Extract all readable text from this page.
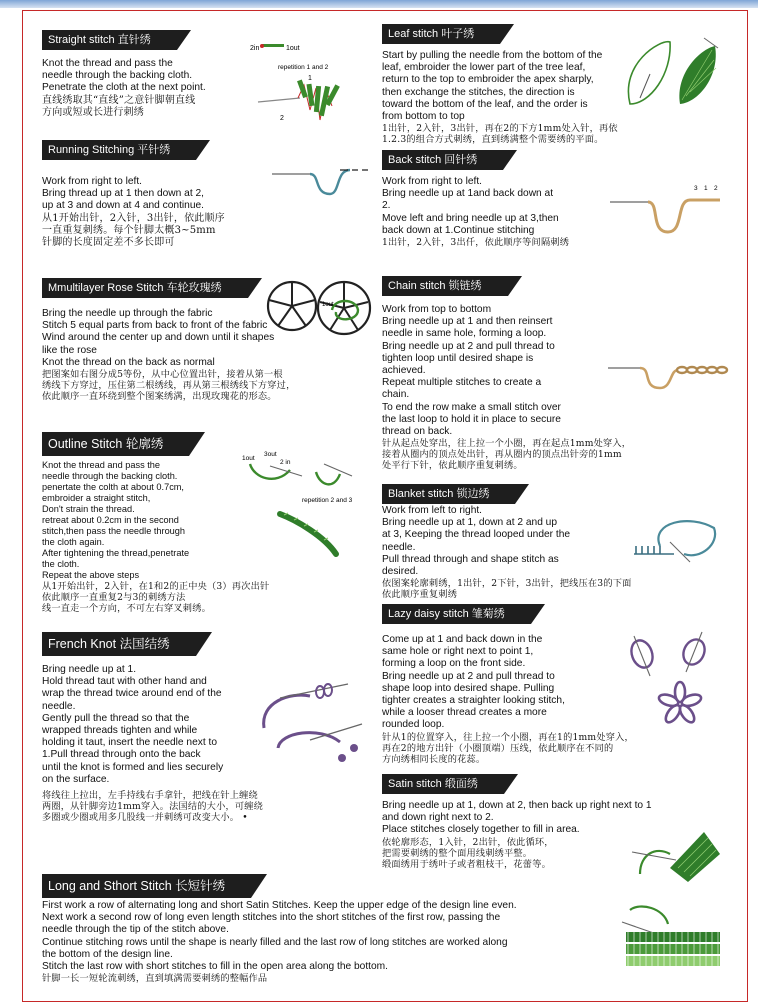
Straight stitch 直针绣

Knot the thread and pass the

needle through the backing cloth.

Penetrate the cloth at the next point.

直线绣取其“直线”之意针脚朝直线

方向或短或长进行刺绣

2in	1out
repetition 1 and 2
2
1
Leaf stitch 叶子绣

Start by pulling the needle from the bottom of the

leaf, embroider the lower part of the tree leaf,

return to the top to embroider the apex sharply,

then exchange the stitches, the direction is

toward the bottom of the leaf, and the order is

from bottom to top

1出针，2入针，3出针，再在2的下方1mm处入针，再依

1.2.3的组合方式刺绣，直到绣满整个需要绣的平面。

Running Stitching 平针绣

Work from right to left.

Bring thread up at 1 then down at 2,

up at 3 and down at 4 and continue.

从1开始出针，2入针，3出针，依此顺序

一直重复刺绣。每个针脚太概3~5mm

针脚的长度固定差不多长即可

Back stitch 回针绣

Work from right to left.

Bring needle up at 1and back down at

2.

Move left and bring needle up at 3,then

back down at 1.Continue stitching

1出针，2入针，3出仟，依此顺序等间隔刺绣

3 1 2
Mmultilayer Rose Stitch 车轮玫瑰绣

Bring the needle up through the fabric

Stitch 5 equal parts from back to front of the fabric

Wind around the center up and down until it shapes

like the rose

Knot the thread on the back as normal

把图案如右图分成5等份，从中心位置出针，接着从第一根

绣线下方穿过，压住第二根绣线，再从第三根绣线下方穿过，

依此顺序一直环绕到整个图案绣满，出现玫瑰花的形态。

1out
Chain stitch 锁链绣

Work from top to bottom

Bring needle up at 1 and then reinsert

needle in same hole, forming a loop.

Bring needle up at 2 and pull thread to

tighten loop until desired shape is

achieved.

Repeat multiple stitches to create a

chain.

To end the row make a small stitch over

the last loop to hold it in place to secure

thread on back.

针从起点处穿出，往上拉一个小圈，再在起点1mm处穿入，

接着从圈内的顶点处出针，再从圈内的顶点出针旁的1mm

处平行下针，依此顺序重复刺绣。

Outline Stitch 轮廓绣

Knot the thread and pass the

needle through the backing cloth.

penertate the colth at about 0.7cm,

embroider a straight stitch,

Don't strain the thread.

retreat about 0.2cm in the second

stitch,then pass the needle through

the cloth again.

After tightening the thread,penetrate

the cloth.

Repeat the above steps

从1开始出针，2入针，在1和2的正中央（3）再次出针

依此顺序一直重复2与3的刺绣方法

线一直走一个方向，不可左右穿叉刺绣。

1out
3out
2 in
repetition 2 and 3
Blanket stitch 锁边绣

Work from left to right.

Bring needle up at 1, down at 2 and up

at 3, Keeping the thread looped under the

needle.

Pull thread through and shape stitch as

desired.

依图案轮廓刺绣，1出针，2下针，3出针，把线压在3的下面

依此顺序重复刺绣

French Knot 法国结绣

Bring needle up at 1.

Hold thread taut with other hand and

wrap the thread twice around end of the

needle.

Gently pull the thread so that the

wrapped threads tighten and while

holding it taut, insert the needle next to

1.Pull thread through onto the back

until the knot is formed and lies securely

on the surface.

将线往上拉出，左手持线右手拿针，把线在针上缠绕

两圈，从针脚旁边1mm穿入。法国结的大小，可缠绕

多圈或少圈或用多几股线一并刺绣可改变大小。 •

Lazy daisy stitch 雏菊绣

Come up at 1 and back down in the

same hole or right next to point 1,

forming a loop on the front side.

Bring needle up at 2 and pull thread to

shape loop into desired shape. Pulling

tighter creates a straighter looking stitch,

while a looser thread creates a more

rounded loop.

针从1的位置穿入，往上拉一个小圈，再在1的1mm处穿入，

再在2的地方出针（小圈顶端）压线，依此顺序在不同的

方向绣相同长度的花蕊。

Satin stitch 缎面绣

Bring needle up at 1, down at 2, then back up right next to 1

and down right next to 2.

Place stitches closely together to fill in area.

依轮廓形态，1入针，2出针，依此循环，

把需要刺绣的整个面用线刺绣平整。

缎面绣用于绣叶子或者粗枝干，花蕾等。

Long and Sthort Stitch 长短针绣

First work a row of alternating long and short Satin Stitches. Keep the upper edge of the design line even.

Next work a second row of long even length stitches into the short stitches of the first row, passing the

needle through the tip of the stitch above.

Continue stitching rows until the shape is nearly filled and the last row of long stitches are worked along

the bottom of the design line.

Stitch the last row with short stitches to fill in the open area along the bottom.

针脚一长一短轮流刺绣，直到填满需要刺绣的整幅作品
